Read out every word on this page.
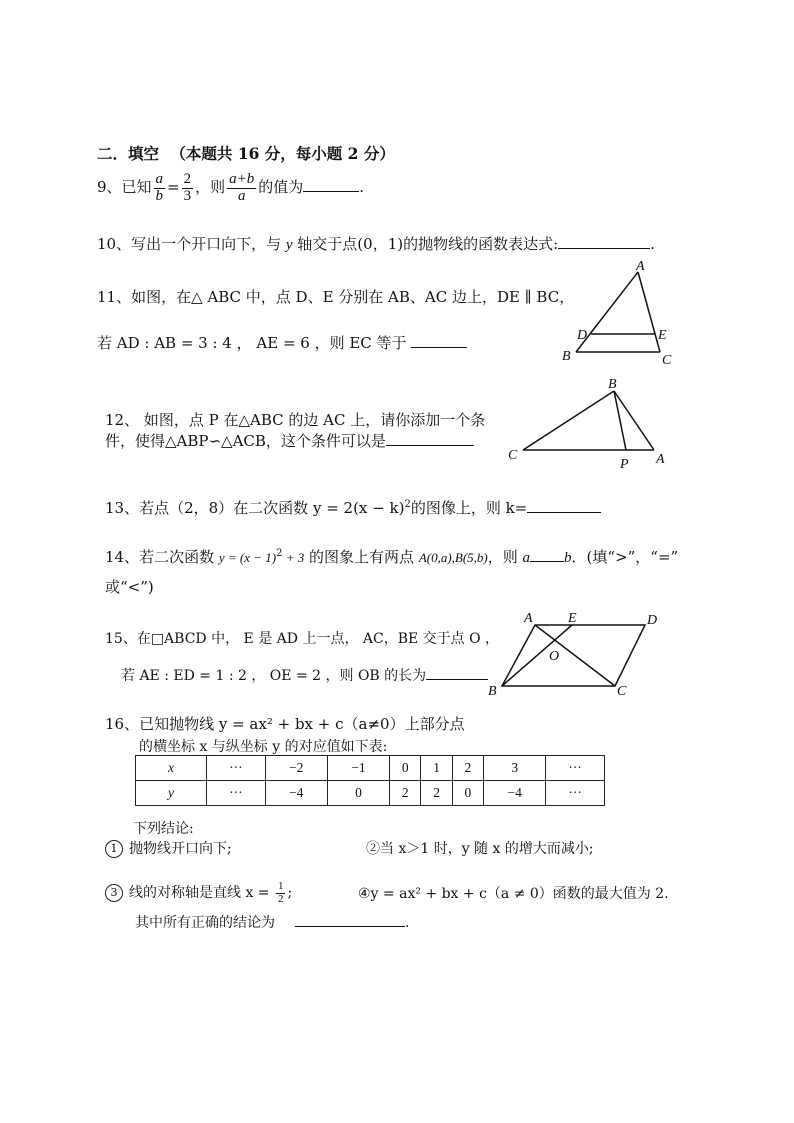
二．填空 （本题共 16 分，每小题 2 分）
9、已知 $\frac{a}{b} = \frac{2}{3}$ ，则 $\frac{a+b}{a}$ 的值为	.
10、写出一个开口向下，与 y 轴交于点(0，1)的抛物线的函数表达式:	.
11、如图，在△ ABC 中，点 D、E 分别在 AB、AC 边上，DE ∥ BC，
若 AD : AB = 3 : 4 ， AE = 6 ，则 EC 等于
A
B	C
D	E
B
C	A
P
A	E	D
O
B	C
12、 如图，点 P 在△ABC 的边 AC 上，请你添加一个条
件，使得△ABP∽△ACB，这个条件可以是
13、若点（2，8）在二次函数 $y = 2(x - k)^2$的图像上，则 k=
14、若二次函数 $y = (x - 1)^2 + 3$ 的图象上有两点 A(0,a),B(5,b)，则 a b．(填“>”，“=”
或“<”)
15、在□ABCD 中， E 是 AD 上一点， AC，BE 交于点 O ，
若 AE : ED = 1 : 2 ， OE = 2 ，则 OB 的长为
16、已知抛物线 y = ax² + bx + c（a≠0）上部分点
的横坐标 x 与纵坐标 y 的对应值如下表:
x	···	−2	−1	0	1	2	3	···
y	···	−4	0	2	2	0	−4	···
下列结论:
1 抛物线开口向下;	②当 x＞1 时，y 随 x 的增大而减小;
3 线的对称轴是直线 $x = \frac{1}{2}$ ;	④y = ax² + bx + c（a ≠ 0）函数的最大值为 2.
其中所有正确的结论为	.
